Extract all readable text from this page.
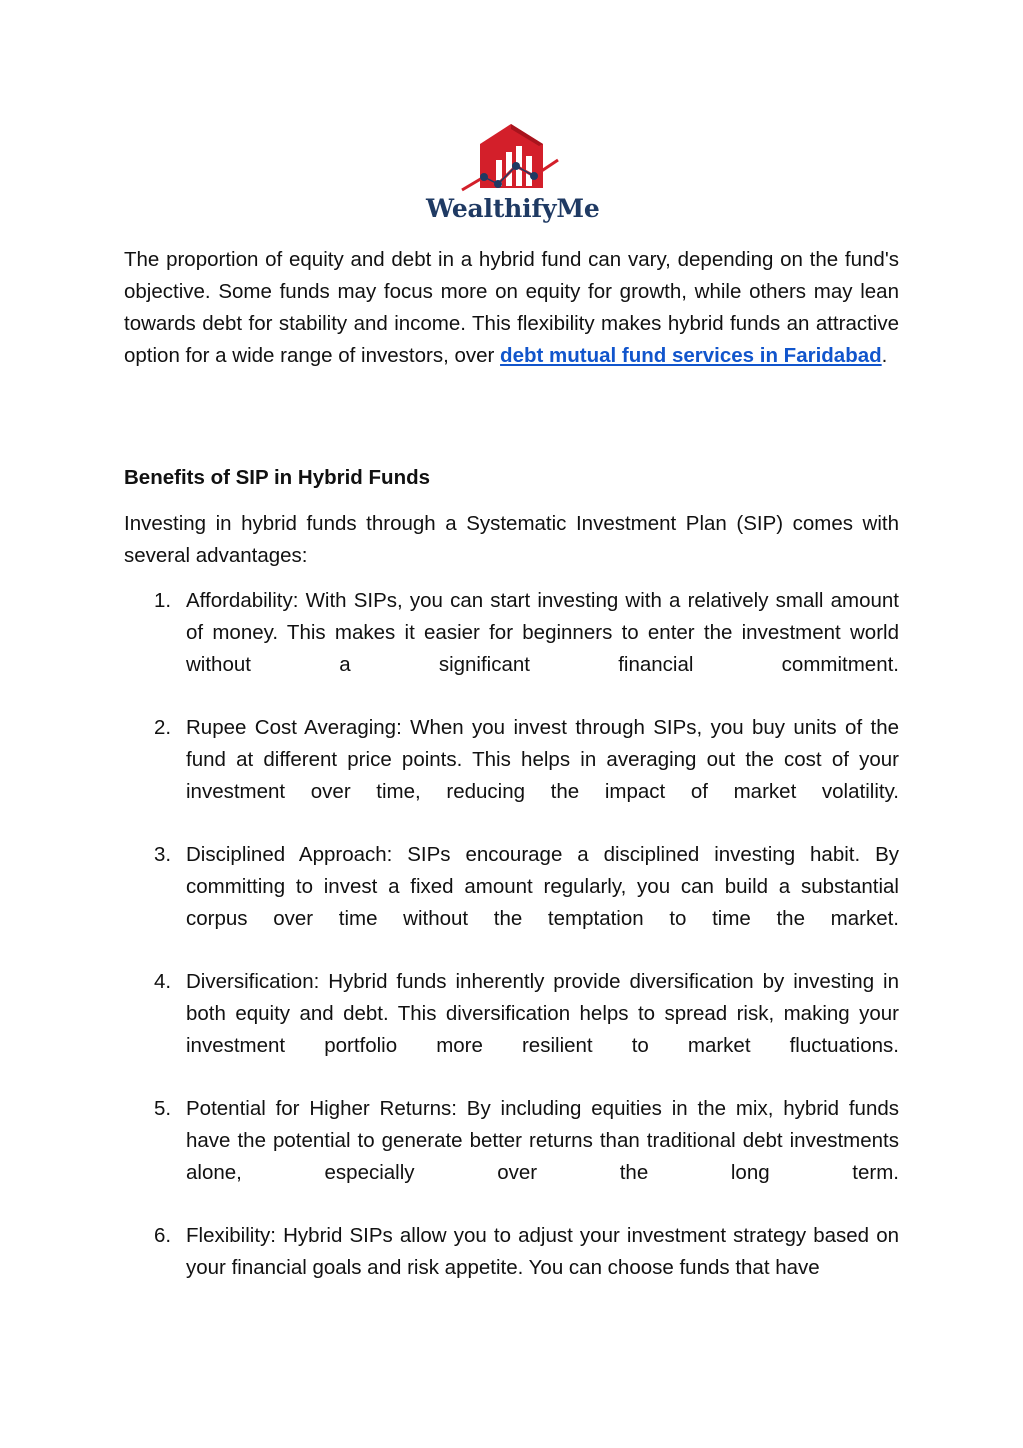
WealthifyMe

The proportion of equity and debt in a hybrid fund can vary, depending on the fund's objective. Some funds may focus more on equity for growth, while others may lean towards debt for stability and income. This flexibility makes hybrid funds an attractive option for a wide range of investors, over debt mutual fund services in Faridabad.

Benefits of SIP in Hybrid Funds

Investing in hybrid funds through a Systematic Investment Plan (SIP) comes with several advantages:

1. Affordability: With SIPs, you can start investing with a relatively small amount of money. This makes it easier for beginners to enter the investment world without a significant financial commitment.
2. Rupee Cost Averaging: When you invest through SIPs, you buy units of the fund at different price points. This helps in averaging out the cost of your investment over time, reducing the impact of market volatility.
3. Disciplined Approach: SIPs encourage a disciplined investing habit. By committing to invest a fixed amount regularly, you can build a substantial corpus over time without the temptation to time the market.
4. Diversification: Hybrid funds inherently provide diversification by investing in both equity and debt. This diversification helps to spread risk, making your investment portfolio more resilient to market fluctuations.
5. Potential for Higher Returns: By including equities in the mix, hybrid funds have the potential to generate better returns than traditional debt investments alone, especially over the long term.
6. Flexibility: Hybrid SIPs allow you to adjust your investment strategy based on your financial goals and risk appetite. You can choose funds that have
